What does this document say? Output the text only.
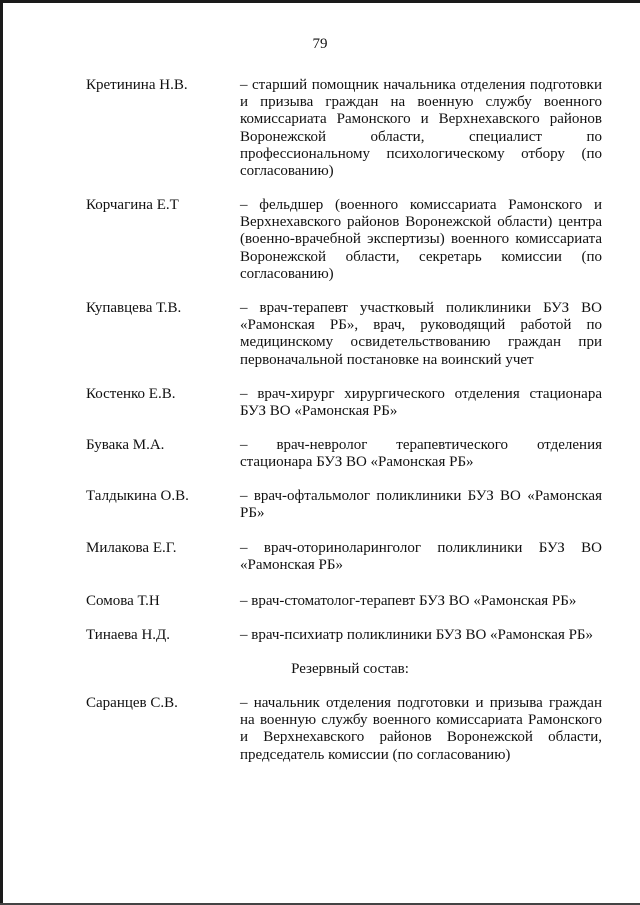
79
Кретинина Н.В.	– старший помощник начальника отделения подготовки и призыва граждан на военную службу военного комиссариата Рамонского и Верхнехавского районов Воронежской области, специалист по профессиональному психологическому отбору (по согласованию)
Корчагина Е.Т	– фельдшер (военного комиссариата Рамонского и Верхнехавского районов Воронежской области) центра (военно-врачебной экспертизы) военного комиссариата Воронежской области, секретарь комиссии (по согласованию)
Купавцева Т.В.	– врач-терапевт участковый поликлиники БУЗ ВО «Рамонская РБ», врач, руководящий работой по медицинскому освидетельствованию граждан при первоначальной постановке на воинский учет
Костенко Е.В.	– врач-хирург хирургического отделения стационара БУЗ ВО «Рамонская РБ»
Бувака М.А.	– врач-невролог терапевтического отделения стационара БУЗ ВО «Рамонская РБ»
Талдыкина О.В.	– врач-офтальмолог поликлиники БУЗ ВО «Рамонская РБ»
Милакова Е.Г.	– врач-оториноларинголог поликлиники БУЗ ВО «Рамонская РБ»
Сомова Т.Н	– врач-стоматолог-терапевт БУЗ ВО «Рамонская РБ»
Тинаева Н.Д.	– врач-психиатр поликлиники БУЗ ВО «Рамонская РБ»
Резервный состав:
Саранцев С.В.	– начальник отделения подготовки и призыва граждан на военную службу военного комиссариата Рамонского и Верхнехавского районов Воронежской области, председатель комиссии (по согласованию)
